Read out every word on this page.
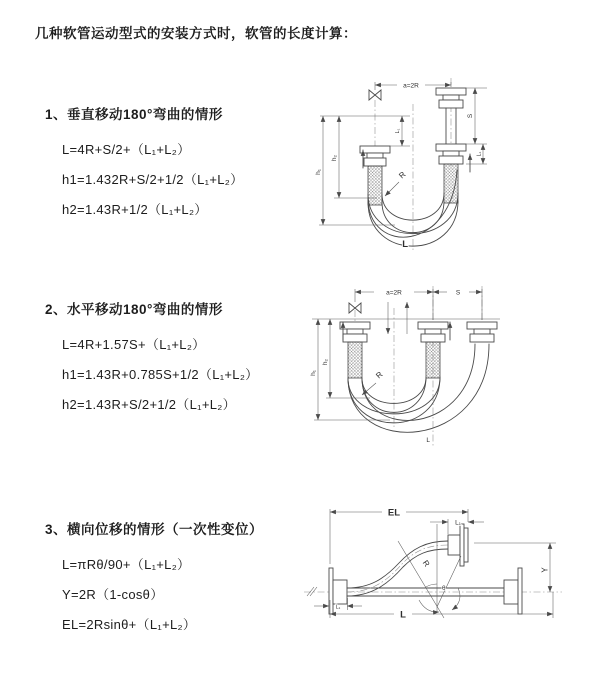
几种软管运动型式的安装方式时，软管的长度计算：
1、垂直移动180°弯曲的情形
L=4R+S/2+（L₁+L₂）
h1=1.432R+S/2+1/2（L₁+L₂）
h2=1.43R+1/2（L₁+L₂）
2、水平移动180°弯曲的情形
L=4R+1.57S+（L₁+L₂）
h1=1.43R+0.785S+1/2（L₁+L₂）
h2=1.43R+S/2+1/2（L₁+L₂）
3、横向位移的情形（一次性变位）
L=πRθ/90+（L₁+L₂）
Y=2R（1-cosθ）
EL=2Rsinθ+（L₁+L₂）
a=2R
h₁
h₂
L₁
S
L₁
R
L
a=2R	S
h₁
h₂
R
L
EL
L₁
Y
L
L₁
θ
R
